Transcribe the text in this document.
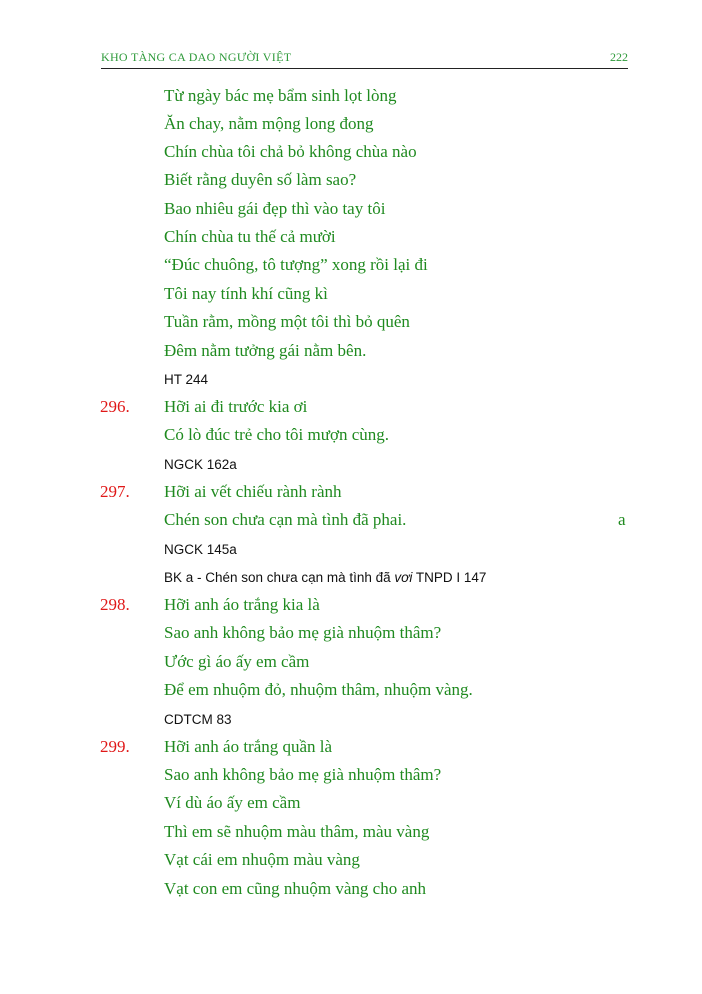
KHO TÀNG CA DAO NGƯỜI VIỆT	222
Từ ngày bác mẹ bẩm sinh lọt lòng
Ăn chay, nằm mộng long đong
Chín chùa tôi chả bỏ không chùa nào
Biết rằng duyên số làm sao?
Bao nhiêu gái đẹp thì vào tay tôi
Chín chùa tu thế cả mười
“Đúc chuông, tô tượng” xong rồi lại đi
Tôi nay tính khí cũng kì
Tuần rằm, mồng một tôi thì bỏ quên
Đêm nằm tưởng gái nằm bên.
HT 244
296. Hỡi ai đi trước kia ơi
Có lò đúc trẻ cho tôi mượn cùng.
NGCK 162a
297. Hỡi ai vết chiếu rành rành
Chén son chưa cạn mà tình đã phai.	a
NGCK 145a
BK a - Chén son chưa cạn mà tình đã vơi TNPD I 147
298. Hỡi anh áo trắng kia là
Sao anh không bảo mẹ già nhuộm thâm?
Ước gì áo ấy em cầm
Để em nhuộm đỏ, nhuộm thâm, nhuộm vàng.
CDTCM 83
299. Hỡi anh áo trắng quần là
Sao anh không bảo mẹ già nhuộm thâm?
Ví dù áo ấy em cầm
Thì em sẽ nhuộm màu thâm, màu vàng
Vạt cái em nhuộm màu vàng
Vạt con em cũng nhuộm vàng cho anh
